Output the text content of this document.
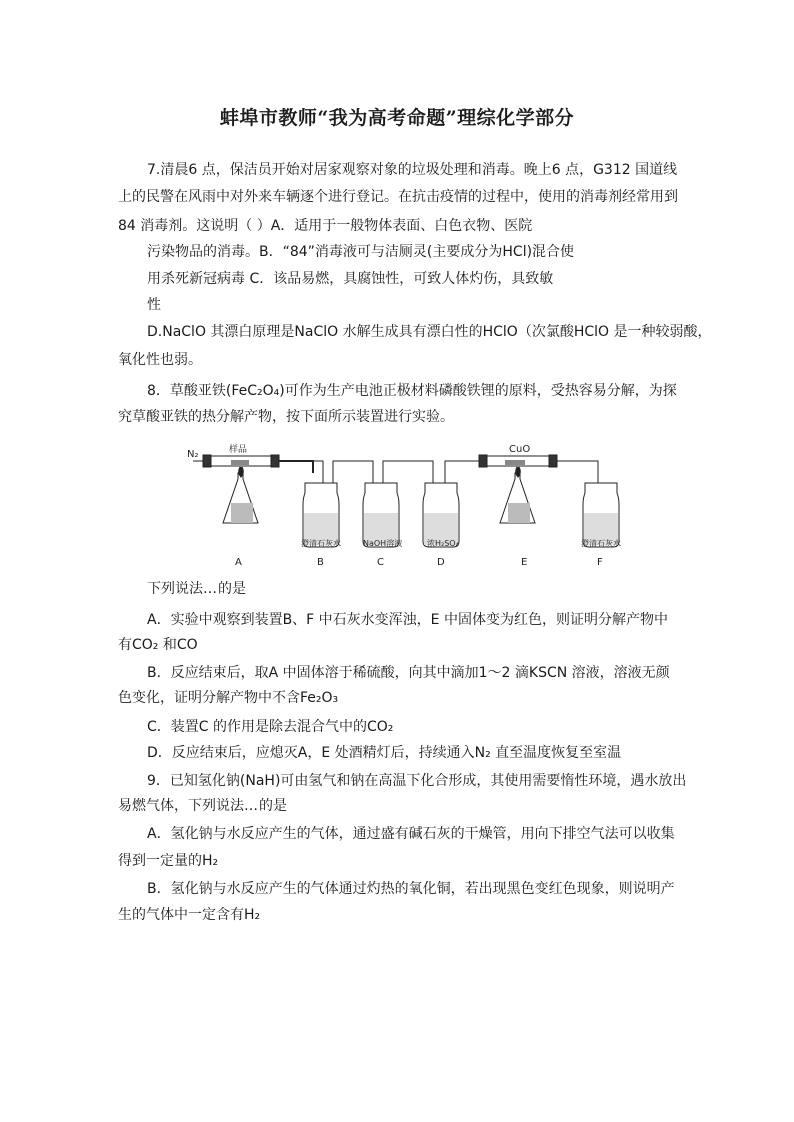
蚌埠市教师“我为高考命题”理综化学部分
7.清晨6 点，保洁员开始对居家观察对象的垃圾处理和消毒。晚上6 点，G312 国道线
上的民警在风雨中对外来车辆逐个进行登记。在抗击疫情的过程中，使用的消毒剂经常用到
84 消毒剂。这说明（ ）A．适用于一般物体表面、白色衣物、医院
污染物品的消毒。B．“84”消毒液可与洁厕灵(主要成分为HCl)混合使
用杀死新冠病毒 C．该品易燃，具腐蚀性，可致人体灼伤，具致敏
性
D.NaClO 其漂白原理是NaClO 水解生成具有漂白性的HClO（次氯酸HClO 是一种较弱酸，
氧化性也弱。
8．草酸亚铁(FeC₂O₄)可作为生产电池正极材料磷酸铁锂的原料，受热容易分解，为探
究草酸亚铁的热分解产物，按下面所示装置进行实验。
N₂	样品	CuO
澄清石灰水	NaOH溶液	浓H₂SO₄	澄清石灰水
A	B	C	D	E	F
下列说法…的是
A．实验中观察到装置B、F 中石灰水变浑浊，E 中固体变为红色，则证明分解产物中
有CO₂ 和CO
B．反应结束后，取A 中固体溶于稀硫酸，向其中滴加1～2 滴KSCN 溶液，溶液无颜
色变化，证明分解产物中不含Fe₂O₃
C．装置C 的作用是除去混合气中的CO₂
D．反应结束后，应熄灭A，E 处酒精灯后，持续通入N₂ 直至温度恢复至室温
9．已知氢化钠(NaH)可由氢气和钠在高温下化合形成，其使用需要惰性环境，遇水放出
易燃气体，下列说法…的是
A．氢化钠与水反应产生的气体，通过盛有碱石灰的干燥管，用向下排空气法可以收集
得到一定量的H₂
B．氢化钠与水反应产生的气体通过灼热的氧化铜，若出现黑色变红色现象，则说明产
生的气体中一定含有H₂
